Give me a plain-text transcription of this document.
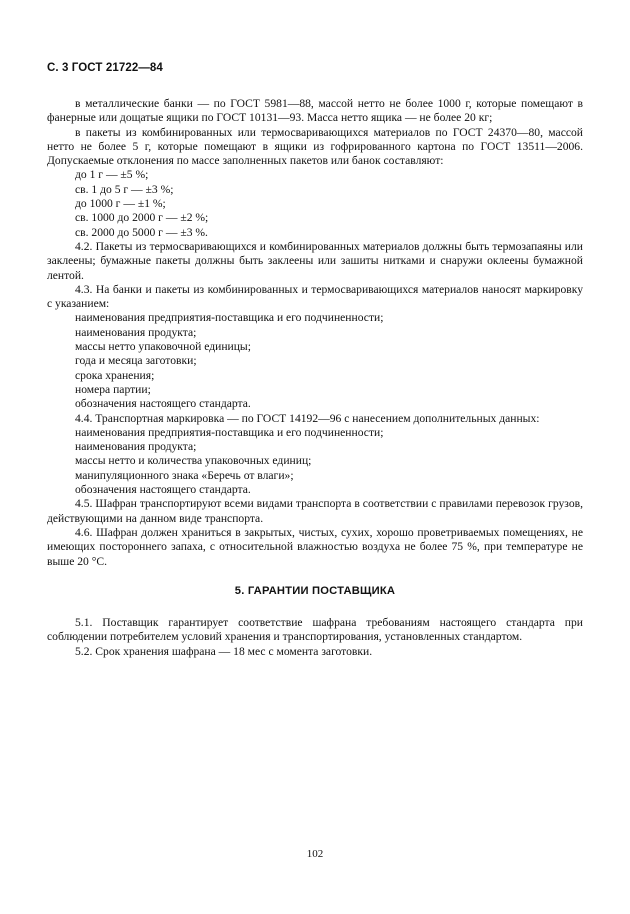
С. 3 ГОСТ 21722—84

в металлические банки — по ГОСТ 5981—88, массой нетто не более 1000 г, которые помещают в фанерные или дощатые ящики по ГОСТ 10131—93. Масса нетто ящика — не более 20 кг;

в пакеты из комбинированных или термосваривающихся материалов по ГОСТ 24370—80, массой нетто не более 5 г, которые помещают в ящики из гофрированного картона по ГОСТ 13511—2006. Допускаемые отклонения по массе заполненных пакетов или банок составляют:

до 1 г — ±5 %;

св. 1 до 5 г — ±3 %;

до 1000 г — ±1 %;

св. 1000 до 2000 г — ±2 %;

св. 2000 до 5000 г — ±3 %.

4.2. Пакеты из термосваривающихся и комбинированных материалов должны быть термозапаяны или заклеены; бумажные пакеты должны быть заклеены или зашиты нитками и снаружи оклеены бумажной лентой.

4.3. На банки и пакеты из комбинированных и термосваривающихся материалов наносят маркировку с указанием:

наименования предприятия-поставщика и его подчиненности;

наименования продукта;

массы нетто упаковочной единицы;

года и месяца заготовки;

срока хранения;

номера партии;

обозначения настоящего стандарта.

4.4. Транспортная маркировка — по ГОСТ 14192—96 с нанесением дополнительных данных:

наименования предприятия-поставщика и его подчиненности;

наименования продукта;

массы нетто и количества упаковочных единиц;

манипуляционного знака «Беречь от влаги»;

обозначения настоящего стандарта.

4.5. Шафран транспортируют всеми видами транспорта в соответствии с правилами перевозок грузов, действующими на данном виде транспорта.

4.6. Шафран должен храниться в закрытых, чистых, сухих, хорошо проветриваемых помещениях, не имеющих постороннего запаха, с относительной влажностью воздуха не более 75 %, при температуре не выше 20 °С.

5. ГАРАНТИИ ПОСТАВЩИКА

5.1. Поставщик гарантирует соответствие шафрана требованиям настоящего стандарта при соблюдении потребителем условий хранения и транспортирования, установленных стандартом.

5.2. Срок хранения шафрана — 18 мес с момента заготовки.

102
